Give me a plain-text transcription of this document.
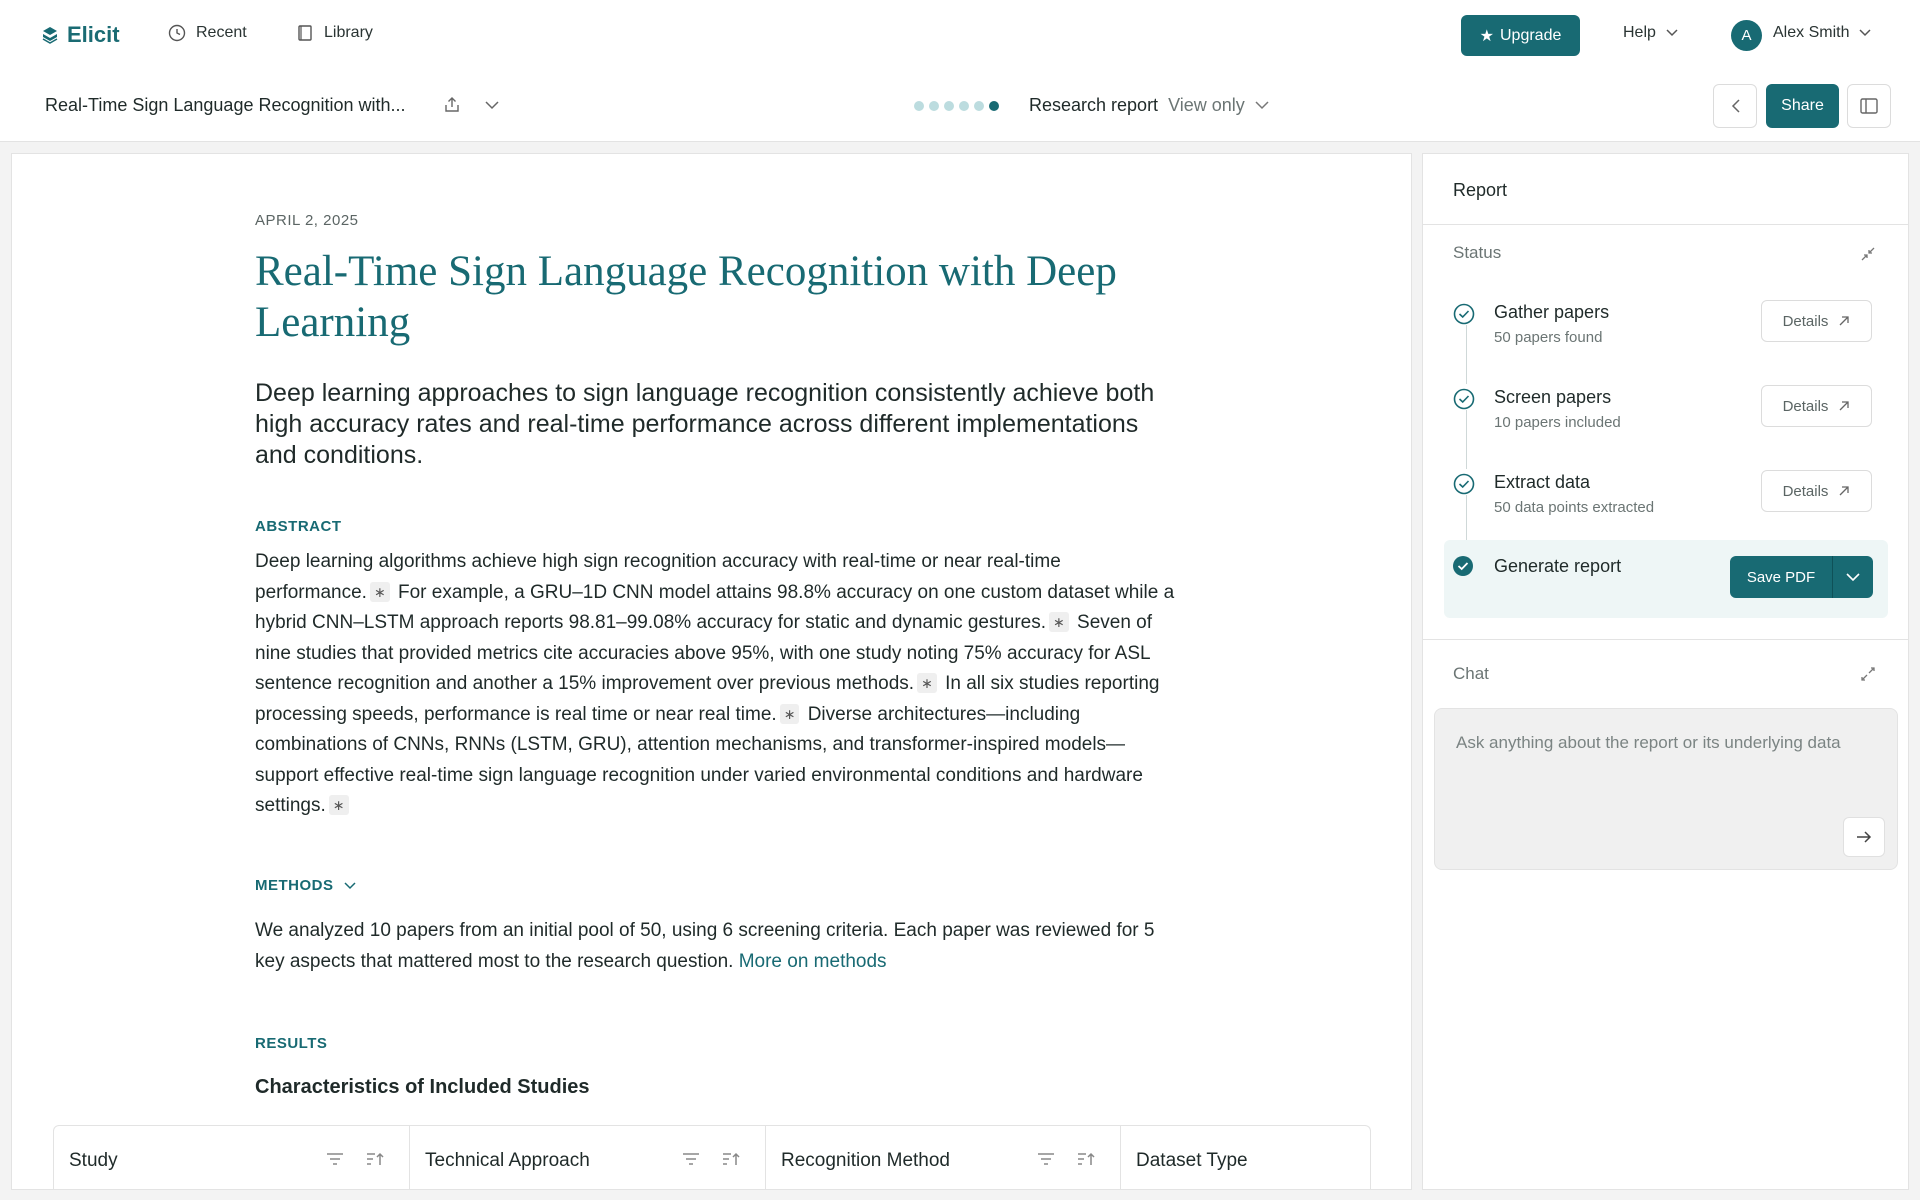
Elicit	Recent	Library	★ Upgrade	Help	A	Alex Smith
Real-Time Sign Language Recognition with...	Research report View only	Share
APRIL 2, 2025
Real-Time Sign Language Recognition with Deep Learning
Deep learning approaches to sign language recognition consistently achieve both high accuracy rates and real-time performance across different implementations and conditions.
ABSTRACT
Deep learning algorithms achieve high sign recognition accuracy with real-time or near real-time performance. ∗ For example, a GRU–1D CNN model attains 98.8% accuracy on one custom dataset while a hybrid CNN–LSTM approach reports 98.81–99.08% accuracy for static and dynamic gestures. ∗ Seven of nine studies that provided metrics cite accuracies above 95%, with one study noting 75% accuracy for ASL sentence recognition and another a 15% improvement over previous methods. ∗ In all six studies reporting processing speeds, performance is real time or near real time. ∗ Diverse architectures—including combinations of CNNs, RNNs (LSTM, GRU), attention mechanisms, and transformer-inspired models—support effective real-time sign language recognition under varied environmental conditions and hardware settings. ∗
METHODS
We analyzed 10 papers from an initial pool of 50, using 6 screening criteria. Each paper was reviewed for 5 key aspects that mattered most to the research question. More on methods
RESULTS
Characteristics of Included Studies
Study	Technical Approach	Recognition Method	Dataset Type
Report
Status
Gather papers
50 papers found
Screen papers
10 papers included
Extract data
50 data points extracted
Chat
Details
Details
Details
Generate report
Save PDF
Ask anything about the report or its underlying data
